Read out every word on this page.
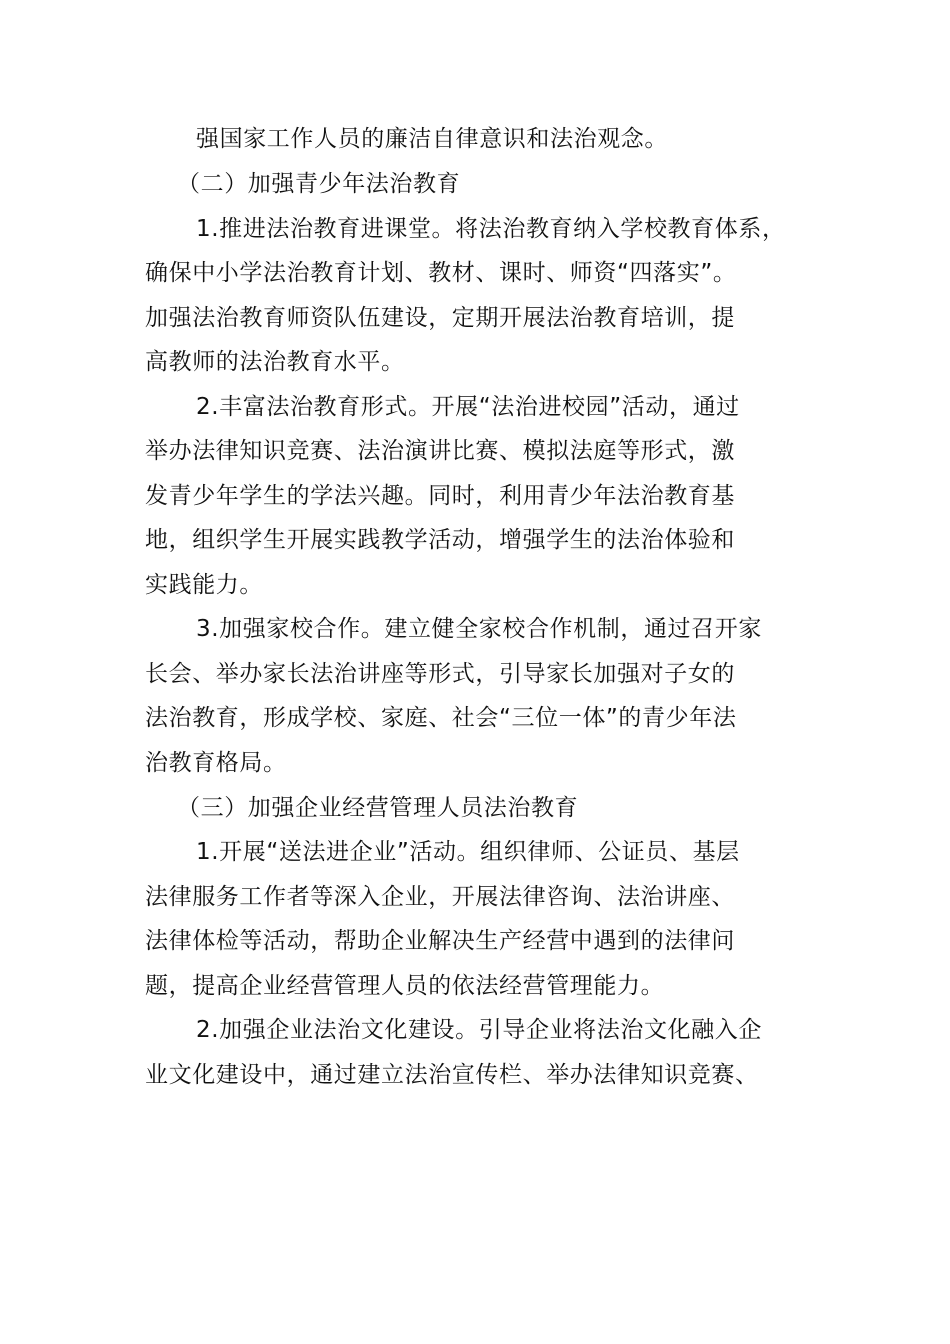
强国家工作人员的廉洁自律意识和法治观念。
（二）加强青少年法治教育
1.推进法治教育进课堂。将法治教育纳入学校教育体系，
确保中小学法治教育计划、教材、课时、师资“四落实”。
加强法治教育师资队伍建设，定期开展法治教育培训，提
高教师的法治教育水平。
2.丰富法治教育形式。开展“法治进校园”活动，通过
举办法律知识竞赛、法治演讲比赛、模拟法庭等形式，激
发青少年学生的学法兴趣。同时，利用青少年法治教育基
地，组织学生开展实践教学活动，增强学生的法治体验和
实践能力。
3.加强家校合作。建立健全家校合作机制，通过召开家
长会、举办家长法治讲座等形式，引导家长加强对子女的
法治教育，形成学校、家庭、社会“三位一体”的青少年法
治教育格局。
（三）加强企业经营管理人员法治教育
1.开展“送法进企业”活动。组织律师、公证员、基层
法律服务工作者等深入企业，开展法律咨询、法治讲座、
法律体检等活动，帮助企业解决生产经营中遇到的法律问
题，提高企业经营管理人员的依法经营管理能力。
2.加强企业法治文化建设。引导企业将法治文化融入企
业文化建设中，通过建立法治宣传栏、举办法律知识竞赛、
